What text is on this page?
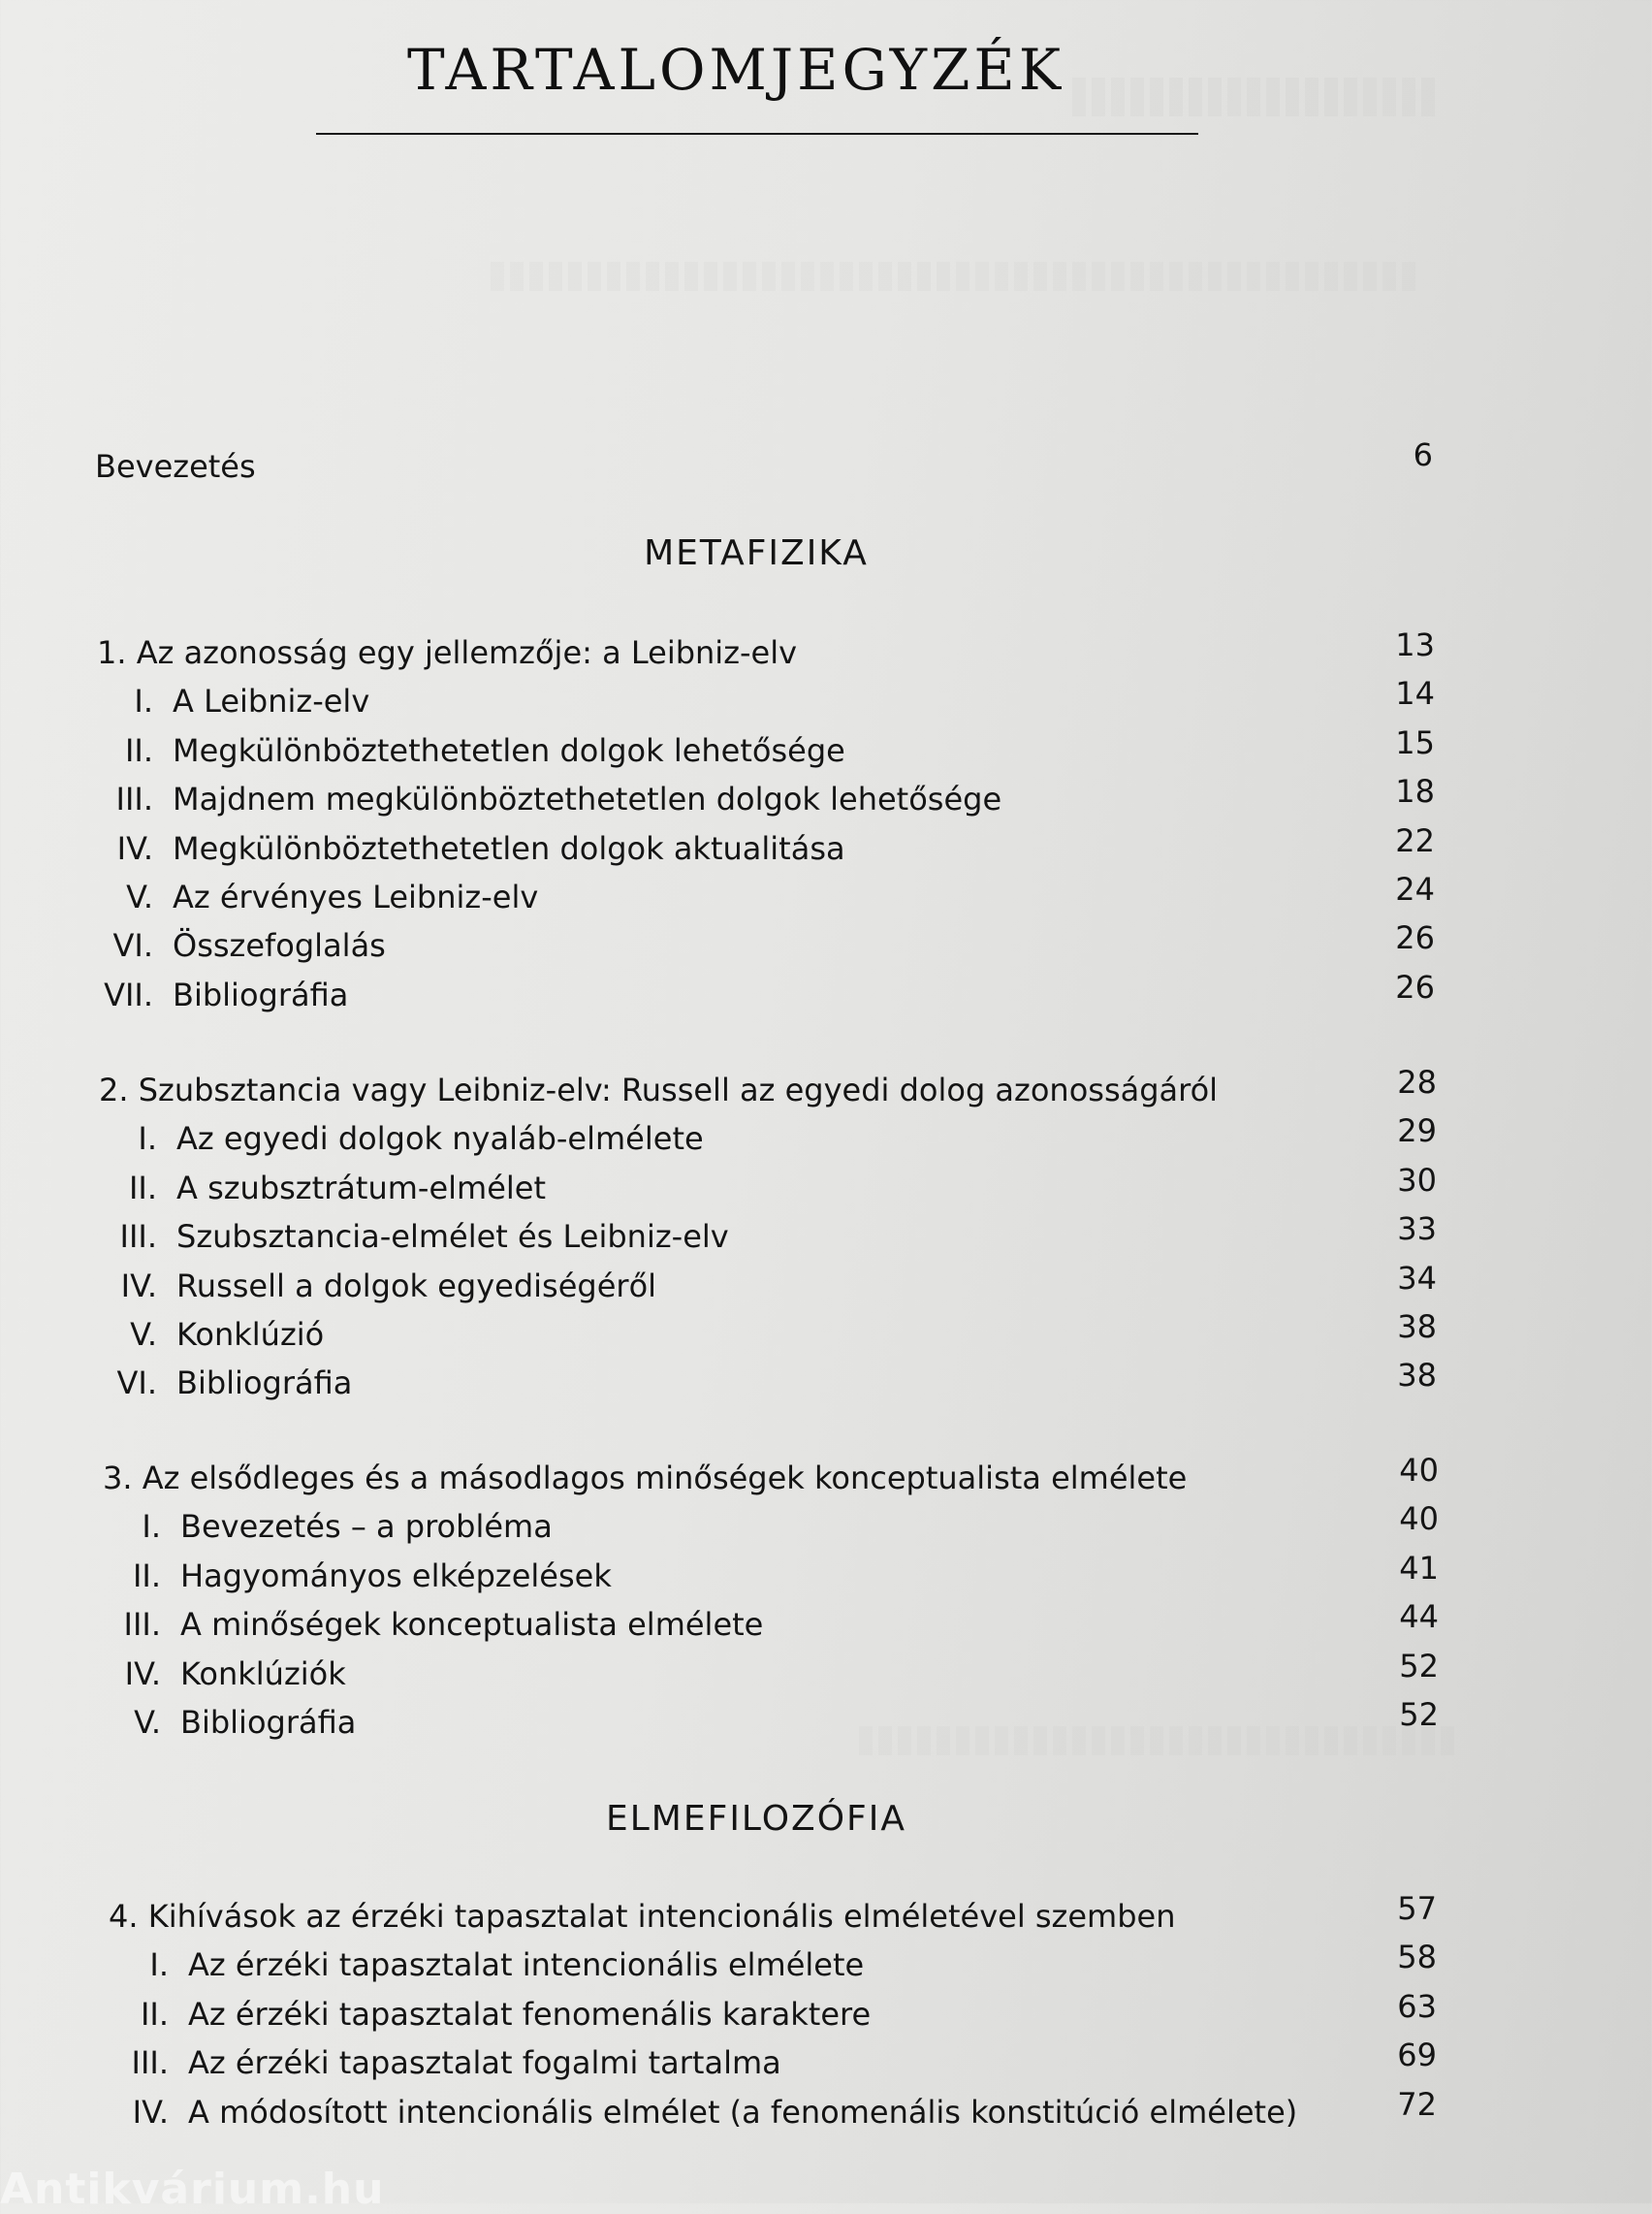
TARTALOMJEGYZÉK
Bevezetés	6
METAFIZIKA
1. Az azonosság egy jellemzője: a Leibniz-elv	13
I. A Leibniz-elv	14
II. Megkülönböztethetetlen dolgok lehetősége	15
III. Majdnem megkülönböztethetetlen dolgok lehetősége	18
IV. Megkülönböztethetetlen dolgok aktualitása	22
V. Az érvényes Leibniz-elv	24
VI. Összefoglalás	26
VII. Bibliográfia	26
2. Szubsztancia vagy Leibniz-elv: Russell az egyedi dolog azonosságáról	28
I. Az egyedi dolgok nyaláb-elmélete	29
II. A szubsztrátum-elmélet	30
III. Szubsztancia-elmélet és Leibniz-elv	33
IV. Russell a dolgok egyediségéről	34
V. Konklúzió	38
VI. Bibliográfia	38
3. Az elsődleges és a másodlagos minőségek konceptualista elmélete	40
I. Bevezetés – a probléma	40
II. Hagyományos elképzelések	41
III. A minőségek konceptualista elmélete	44
IV. Konklúziók	52
V. Bibliográfia	52
ELMEFILOZÓFIA
4. Kihívások az érzéki tapasztalat intencionális elméletével szemben	57
I. Az érzéki tapasztalat intencionális elmélete	58
II. Az érzéki tapasztalat fenomenális karaktere	63
III. Az érzéki tapasztalat fogalmi tartalma	69
IV. A módosított intencionális elmélet (a fenomenális konstitúció elmélete)	72
Antikvárium.hu
